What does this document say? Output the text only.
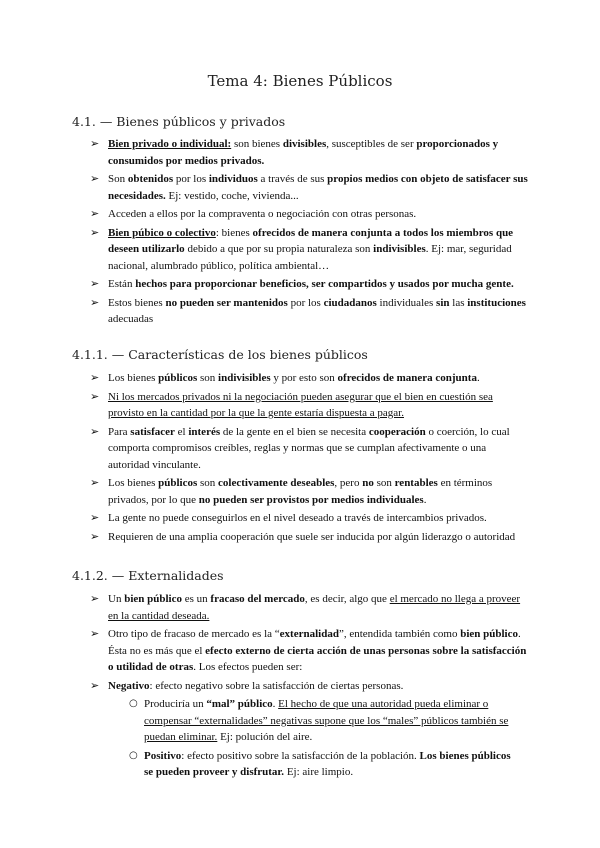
Tema 4: Bienes Públicos
4.1. — Bienes públicos y privados
➢ Bien privado o individual: son bienes divisibles, susceptibles de ser proporcionados y consumidos por medios privados.
➢ Son obtenidos por los individuos a través de sus propios medios con objeto de satisfacer sus necesidades. Ej: vestido, coche, vivienda...
➢ Acceden a ellos por la compraventa o negociación con otras personas.
➢ Bien púbico o colectivo: bienes ofrecidos de manera conjunta a todos los miembros que deseen utilizarlo debido a que por su propia naturaleza son indivisibles. Ej: mar, seguridad nacional, alumbrado público, política ambiental…
➢ Están hechos para proporcionar beneficios, ser compartidos y usados por mucha gente.
➢ Estos bienes no pueden ser mantenidos por los ciudadanos individuales sin las instituciones adecuadas
4.1.1. — Características de los bienes públicos
➢ Los bienes públicos son indivisibles y por esto son ofrecidos de manera conjunta.
➢ Ni los mercados privados ni la negociación pueden asegurar que el bien en cuestión sea provisto en la cantidad por la que la gente estaría dispuesta a pagar.
➢ Para satisfacer el interés de la gente en el bien se necesita cooperación o coerción, lo cual comporta compromisos creíbles, reglas y normas que se cumplan afectivamente o una autoridad vinculante.
➢ Los bienes públicos son colectivamente deseables, pero no son rentables en términos privados, por lo que no pueden ser provistos por medios individuales.
➢ La gente no puede conseguirlos en el nivel deseado a través de intercambios privados.
➢ Requieren de una amplia cooperación que suele ser inducida por algún liderazgo o autoridad
4.1.2. — Externalidades
➢ Un bien público es un fracaso del mercado, es decir, algo que el mercado no llega a proveer en la cantidad deseada.
➢ Otro tipo de fracaso de mercado es la “externalidad”, entendida también como bien público. Ésta no es más que el efecto externo de cierta acción de unas personas sobre la satisfacción o utilidad de otras. Los efectos pueden ser:
➢ Negativo: efecto negativo sobre la satisfacción de ciertas personas.
○ Produciría un “mal” público. El hecho de que una autoridad pueda eliminar o compensar “externalidades” negativas supone que los “males” públicos también se puedan eliminar. Ej: polución del aire.
○ Positivo: efecto positivo sobre la satisfacción de la población. Los bienes públicos se pueden proveer y disfrutar. Ej: aire limpio.
